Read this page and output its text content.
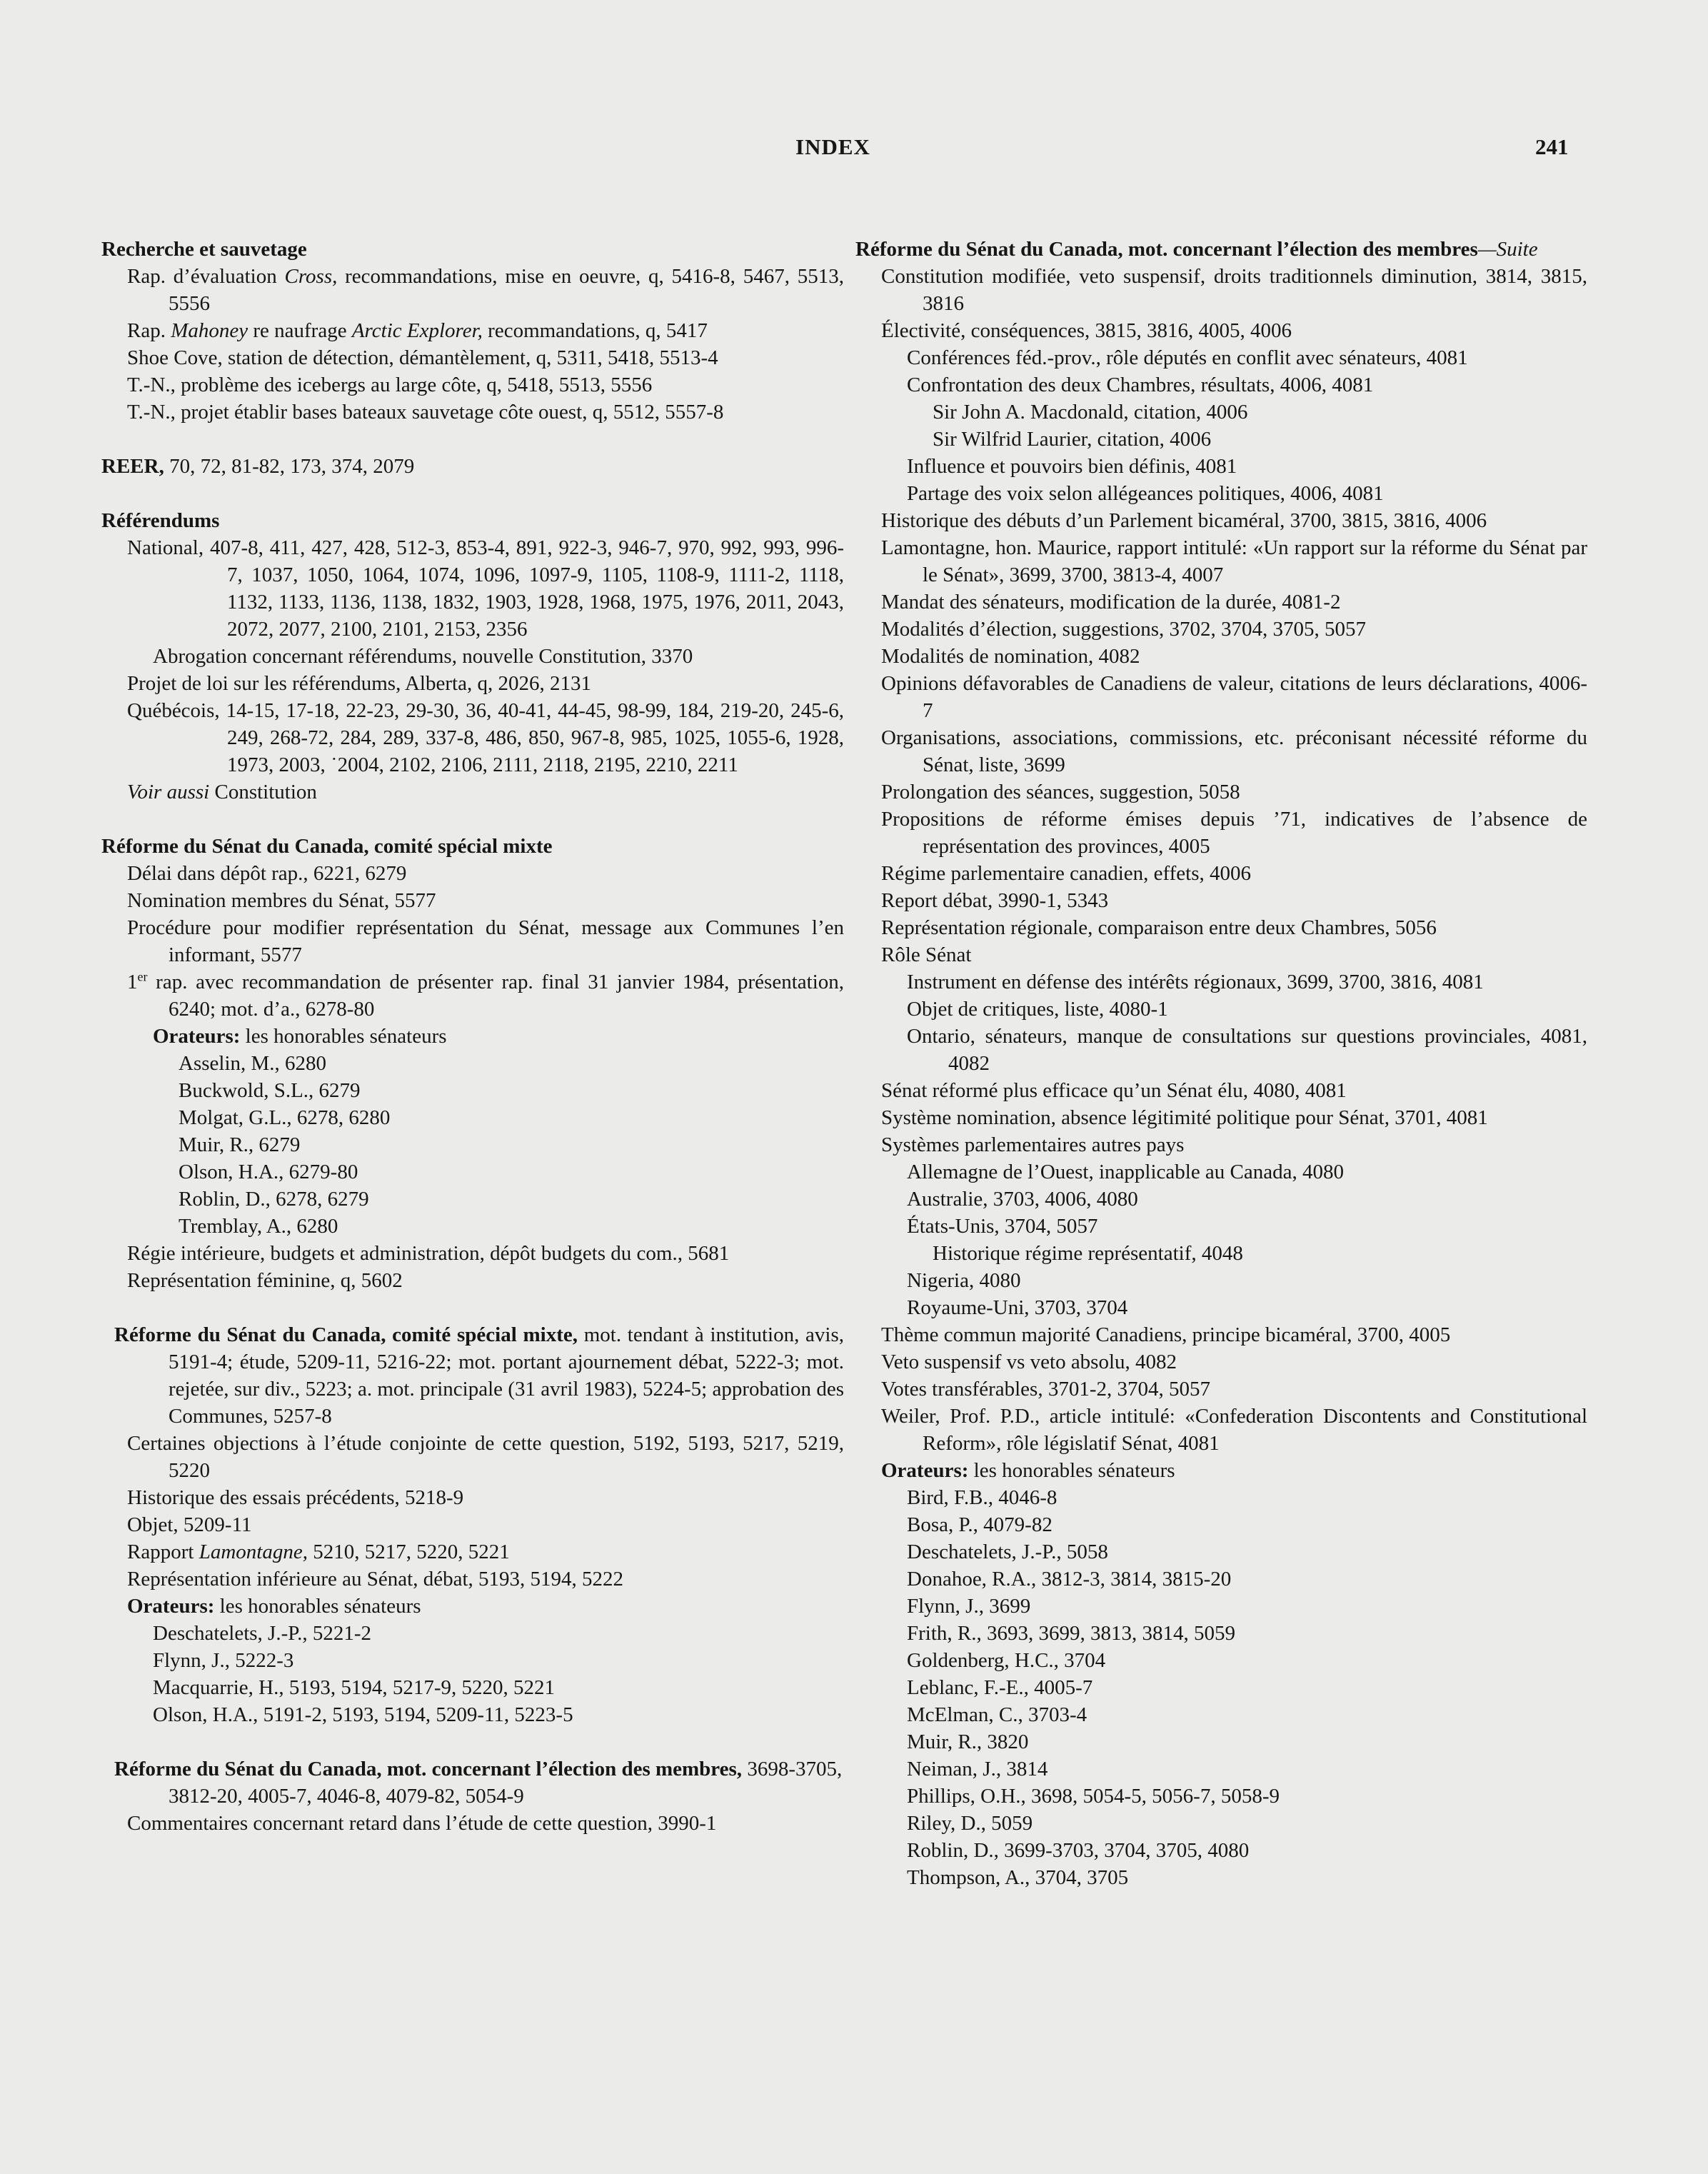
INDEX	241

Recherche et sauvetage

Rap. d’évaluation Cross, recommandations, mise en oeuvre, q, 5416-8, 5467, 5513, 5556

Rap. Mahoney re naufrage Arctic Explorer, recommandations, q, 5417

Shoe Cove, station de détection, démantèlement, q, 5311, 5418, 5513-4

T.-N., problème des icebergs au large côte, q, 5418, 5513, 5556

T.-N., projet établir bases bateaux sauvetage côte ouest, q, 5512, 5557-8

REER, 70, 72, 81-82, 173, 374, 2079

Référendums

National, 407-8, 411, 427, 428, 512-3, 853-4, 891, 922-3, 946-7, 970, 992, 993, 996-7, 1037, 1050, 1064, 1074, 1096, 1097-9, 1105, 1108-9, 1111-2, 1118, 1132, 1133, 1136, 1138, 1832, 1903, 1928, 1968, 1975, 1976, 2011, 2043, 2072, 2077, 2100, 2101, 2153, 2356

Abrogation concernant référendums, nouvelle Constitution, 3370

Projet de loi sur les référendums, Alberta, q, 2026, 2131

Québécois, 14-15, 17-18, 22-23, 29-30, 36, 40-41, 44-45, 98-99, 184, 219-20, 245-6, 249, 268-72, 284, 289, 337-8, 486, 850, 967-8, 985, 1025, 1055-6, 1928, 1973, 2003, ˙2004, 2102, 2106, 2111, 2118, 2195, 2210, 2211

Voir aussi Constitution

Réforme du Sénat du Canada, comité spécial mixte

Délai dans dépôt rap., 6221, 6279

Nomination membres du Sénat, 5577

Procédure pour modifier représentation du Sénat, message aux Communes l’en informant, 5577

1er rap. avec recommandation de présenter rap. final 31 janvier 1984, présentation, 6240; mot. d’a., 6278-80

Orateurs: les honorables sénateurs

Asselin, M., 6280

Buckwold, S.L., 6279

Molgat, G.L., 6278, 6280

Muir, R., 6279

Olson, H.A., 6279-80

Roblin, D., 6278, 6279

Tremblay, A., 6280

Régie intérieure, budgets et administration, dépôt budgets du com., 5681

Représentation féminine, q, 5602

Réforme du Sénat du Canada, comité spécial mixte, mot. tendant à institution, avis, 5191-4; étude, 5209-11, 5216-22; mot. portant ajournement débat, 5222-3; mot. rejetée, sur div., 5223; a. mot. principale (31 avril 1983), 5224-5; approbation des Communes, 5257-8

Certaines objections à l’étude conjointe de cette question, 5192, 5193, 5217, 5219, 5220

Historique des essais précédents, 5218-9

Objet, 5209-11

Rapport Lamontagne, 5210, 5217, 5220, 5221

Représentation inférieure au Sénat, débat, 5193, 5194, 5222

Orateurs: les honorables sénateurs

Deschatelets, J.-P., 5221-2

Flynn, J., 5222-3

Macquarrie, H., 5193, 5194, 5217-9, 5220, 5221

Olson, H.A., 5191-2, 5193, 5194, 5209-11, 5223-5

Réforme du Sénat du Canada, mot. concernant l’élection des membres, 3698-3705, 3812-20, 4005-7, 4046-8, 4079-82, 5054-9

Commentaires concernant retard dans l’étude de cette question, 3990-1

Réforme du Sénat du Canada, mot. concernant l’élection des membres—Suite

Constitution modifiée, veto suspensif, droits traditionnels diminution, 3814, 3815, 3816

Électivité, conséquences, 3815, 3816, 4005, 4006

Conférences féd.-prov., rôle députés en conflit avec sénateurs, 4081

Confrontation des deux Chambres, résultats, 4006, 4081

Sir John A. Macdonald, citation, 4006

Sir Wilfrid Laurier, citation, 4006

Influence et pouvoirs bien définis, 4081

Partage des voix selon allégeances politiques, 4006, 4081

Historique des débuts d’un Parlement bicaméral, 3700, 3815, 3816, 4006

Lamontagne, hon. Maurice, rapport intitulé: «Un rapport sur la réforme du Sénat par le Sénat», 3699, 3700, 3813-4, 4007

Mandat des sénateurs, modification de la durée, 4081-2

Modalités d’élection, suggestions, 3702, 3704, 3705, 5057

Modalités de nomination, 4082

Opinions défavorables de Canadiens de valeur, citations de leurs déclarations, 4006-7

Organisations, associations, commissions, etc. préconisant nécessité réforme du Sénat, liste, 3699

Prolongation des séances, suggestion, 5058

Propositions de réforme émises depuis ’71, indicatives de l’absence de représentation des provinces, 4005

Régime parlementaire canadien, effets, 4006

Report débat, 3990-1, 5343

Représentation régionale, comparaison entre deux Chambres, 5056

Rôle Sénat

Instrument en défense des intérêts régionaux, 3699, 3700, 3816, 4081

Objet de critiques, liste, 4080-1

Ontario, sénateurs, manque de consultations sur questions provinciales, 4081, 4082

Sénat réformé plus efficace qu’un Sénat élu, 4080, 4081

Système nomination, absence légitimité politique pour Sénat, 3701, 4081

Systèmes parlementaires autres pays

Allemagne de l’Ouest, inapplicable au Canada, 4080

Australie, 3703, 4006, 4080

États-Unis, 3704, 5057

Historique régime représentatif, 4048

Nigeria, 4080

Royaume-Uni, 3703, 3704

Thème commun majorité Canadiens, principe bicaméral, 3700, 4005

Veto suspensif vs veto absolu, 4082

Votes transférables, 3701-2, 3704, 5057

Weiler, Prof. P.D., article intitulé: «Confederation Discontents and Constitutional Reform», rôle législatif Sénat, 4081

Orateurs: les honorables sénateurs

Bird, F.B., 4046-8

Bosa, P., 4079-82

Deschatelets, J.-P., 5058

Donahoe, R.A., 3812-3, 3814, 3815-20

Flynn, J., 3699

Frith, R., 3693, 3699, 3813, 3814, 5059

Goldenberg, H.C., 3704

Leblanc, F.-E., 4005-7

McElman, C., 3703-4

Muir, R., 3820

Neiman, J., 3814

Phillips, O.H., 3698, 5054-5, 5056-7, 5058-9

Riley, D., 5059

Roblin, D., 3699-3703, 3704, 3705, 4080

Thompson, A., 3704, 3705
